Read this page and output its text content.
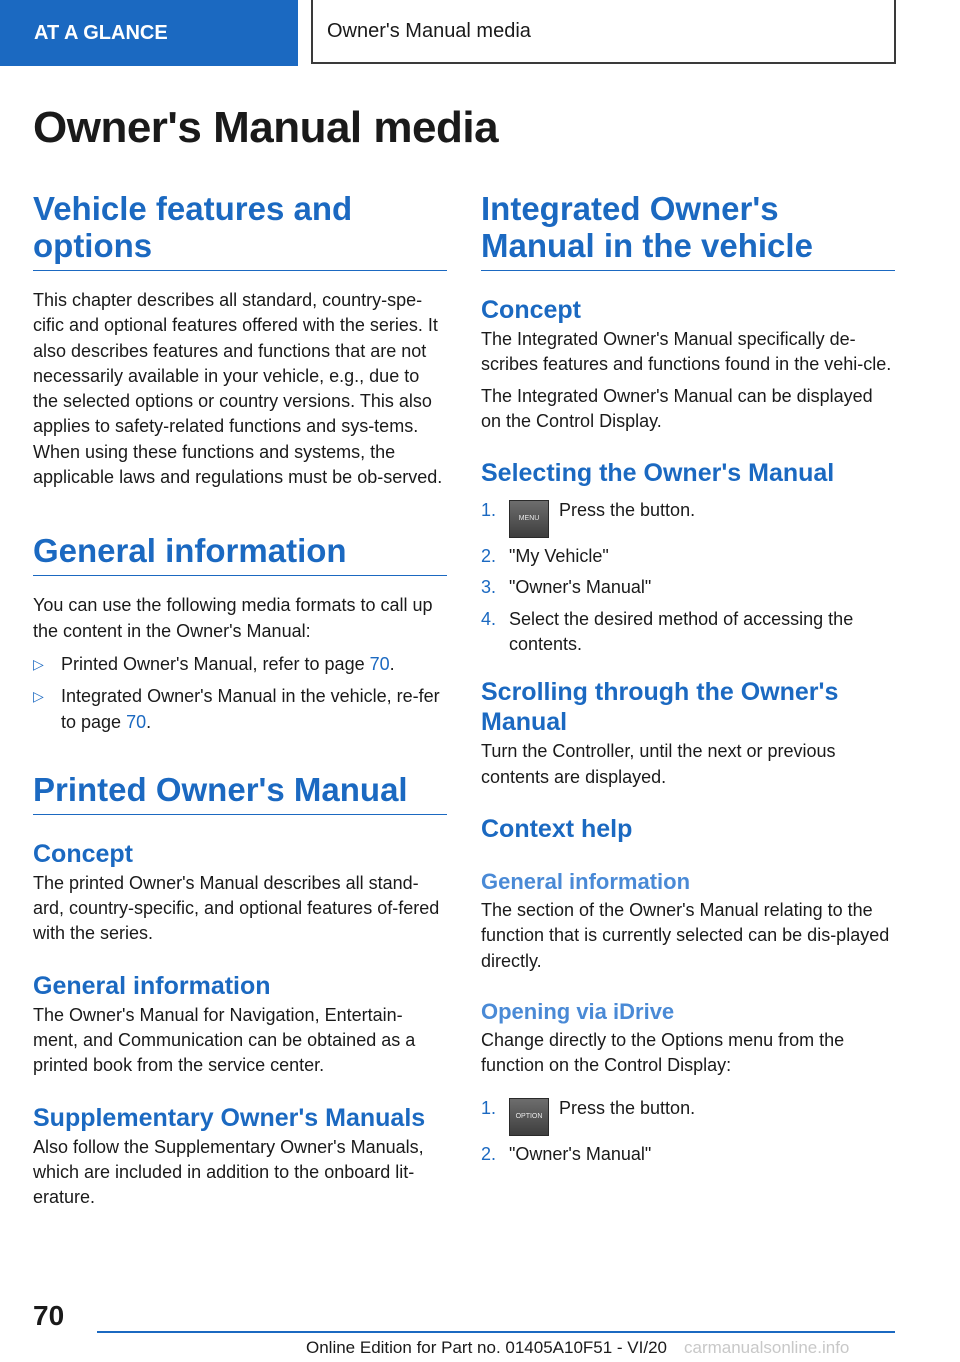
AT A GLANCE	Owner's Manual media
Owner's Manual media
Vehicle features and options

This chapter describes all standard, country-spe-cific and optional features offered with the series. It also describes features and functions that are not necessarily available in your vehicle, e.g., due to the selected options or country versions. This also applies to safety-related functions and sys-tems. When using these functions and systems, the applicable laws and regulations must be ob-served.

General information

You can use the following media formats to call up the content in the Owner's Manual:

▷ Printed Owner's Manual, refer to page 70.
▷ Integrated Owner's Manual in the vehicle, re-fer to page 70.
Printed Owner's Manual
Concept

The printed Owner's Manual describes all stand-ard, country-specific, and optional features of-fered with the series.

General information

The Owner's Manual for Navigation, Entertain-ment, and Communication can be obtained as a printed book from the service center.

Supplementary Owner's Manuals

Also follow the Supplementary Owner's Manuals, which are included in addition to the onboard lit-erature.

Integrated Owner's Manual in the vehicle
Concept

The Integrated Owner's Manual specifically de-scribes features and functions found in the vehi-cle.

The Integrated Owner's Manual can be displayed on the Control Display.

Selecting the Owner's Manual
1.	MENU Press the button.
2. "My Vehicle"
3. "Owner's Manual"
4. Select the desired method of accessing the contents.
Scrolling through the Owner's Manual

Turn the Controller, until the next or previous contents are displayed.

Context help
General information

The section of the Owner's Manual relating to the function that is currently selected can be dis-played directly.

Opening via iDrive

Change directly to the Options menu from the function on the Control Display:

1.	OPTION Press the button.
2. "Owner's Manual"
70
Online Edition for Part no. 01405A10F51 - VI/20 carmanualsonline.info
